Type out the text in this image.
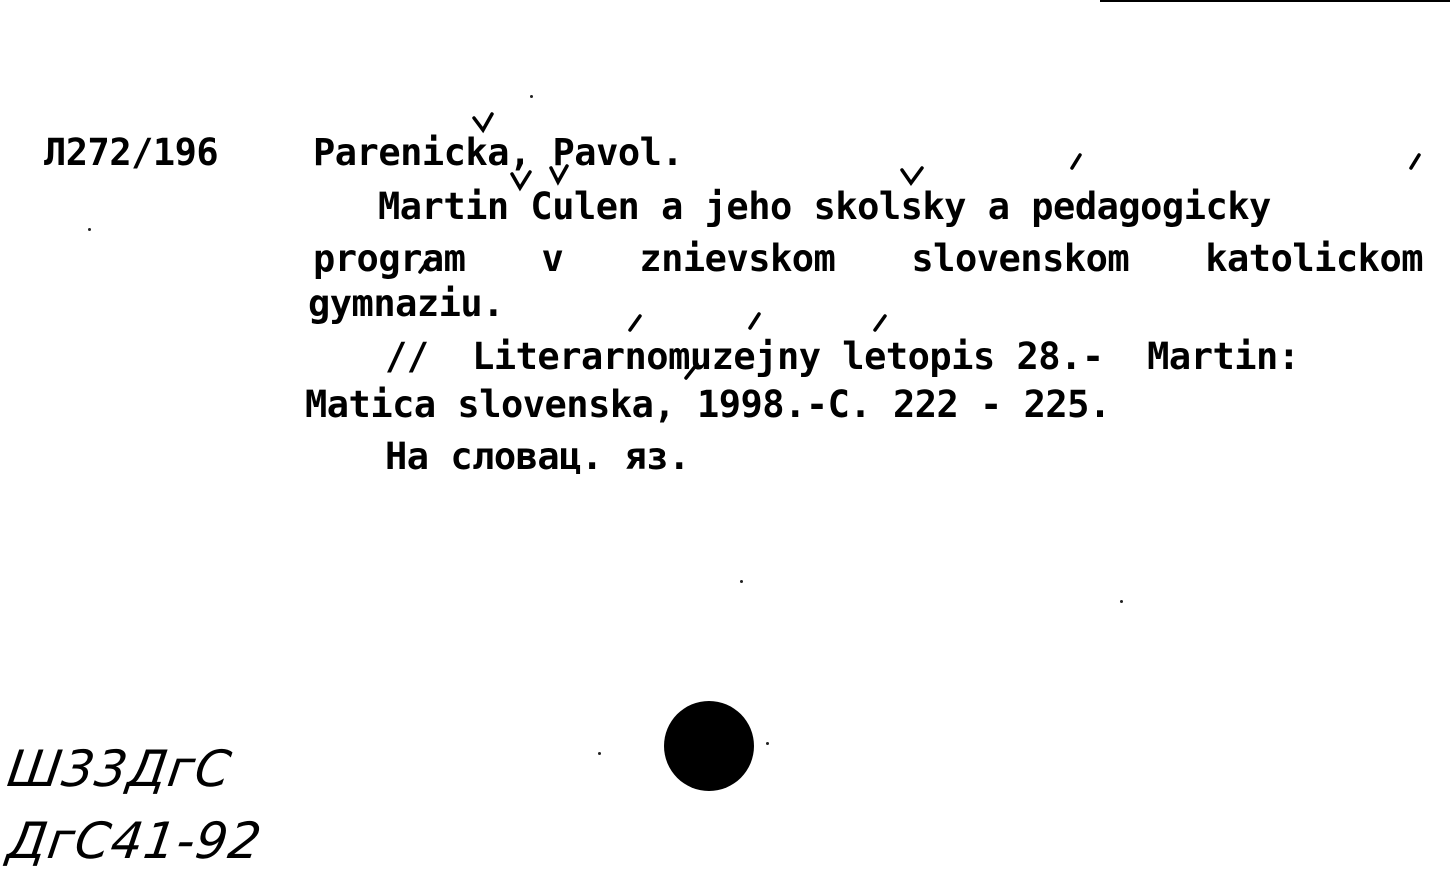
Л272/196	Parenicka, Pavol.
Martin Culen a jeho skolsky a pedagogicky
program v znievskom slovenskom katolickom
gymnaziu.
//  Literarnomuzejny letopis 28.-  Martin:
Matica slovenska, 1998.-C. 222 - 225.
На словац. яз.
Ш33ДгС
ДгС41-92
